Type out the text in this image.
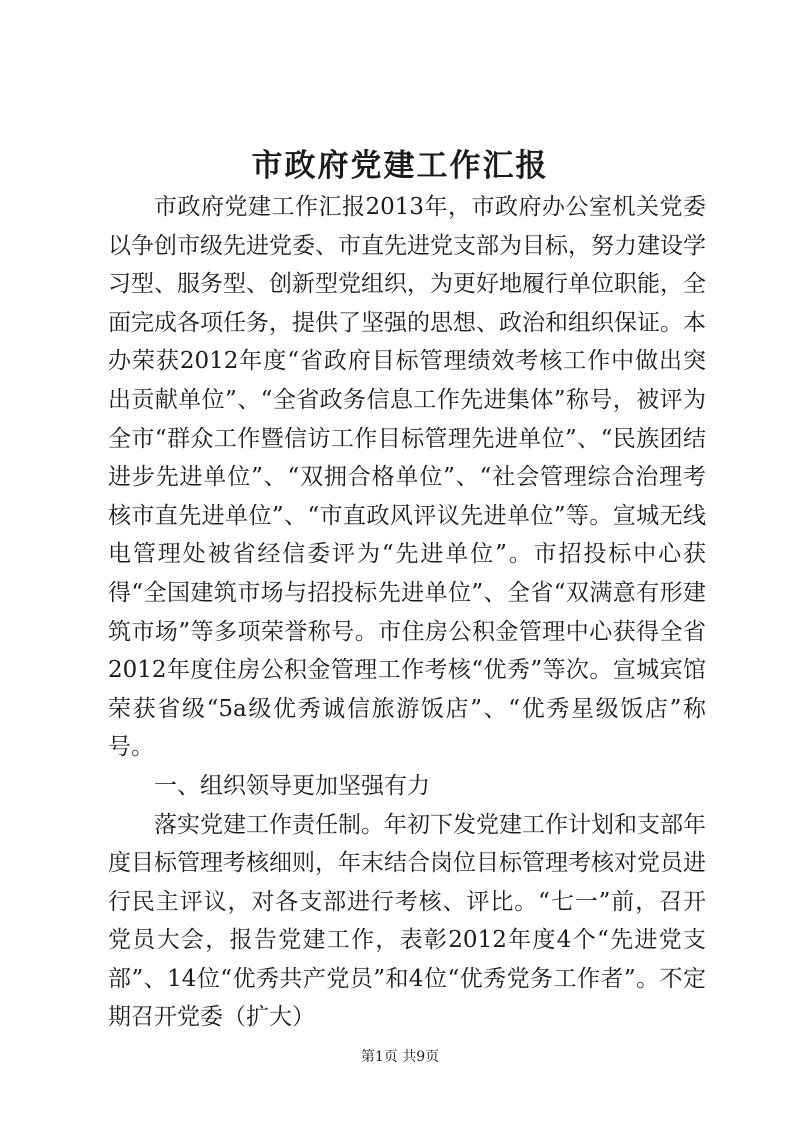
市政府党建工作汇报

市政府党建工作汇报2013年，市政府办公室机关党委以争创市级先进党委、市直先进党支部为目标，努力建设学习型、服务型、创新型党组织，为更好地履行单位职能，全面完成各项任务，提供了坚强的思想、政治和组织保证。本办荣获2012年度“省政府目标管理绩效考核工作中做出突出贡献单位”、“全省政务信息工作先进集体”称号，被评为全市“群众工作暨信访工作目标管理先进单位”、“民族团结进步先进单位”、“双拥合格单位”、“社会管理综合治理考核市直先进单位”、“市直政风评议先进单位”等。宣城无线电管理处被省经信委评为“先进单位”。市招投标中心获得“全国建筑市场与招投标先进单位”、全省“双满意有形建筑市场”等多项荣誉称号。市住房公积金管理中心获得全省2012年度住房公积金管理工作考核“优秀”等次。宣城宾馆荣获省级“5a级优秀诚信旅游饭店”、“优秀星级饭店”称号。

一、组织领导更加坚强有力

落实党建工作责任制。年初下发党建工作计划和支部年度目标管理考核细则，年末结合岗位目标管理考核对党员进行民主评议，对各支部进行考核、评比。“七一”前，召开党员大会，报告党建工作，表彰2012年度4个“先进党支部”、14位“优秀共产党员”和4位“优秀党务工作者”。不定期召开党委（扩大）

第1页 共9页
